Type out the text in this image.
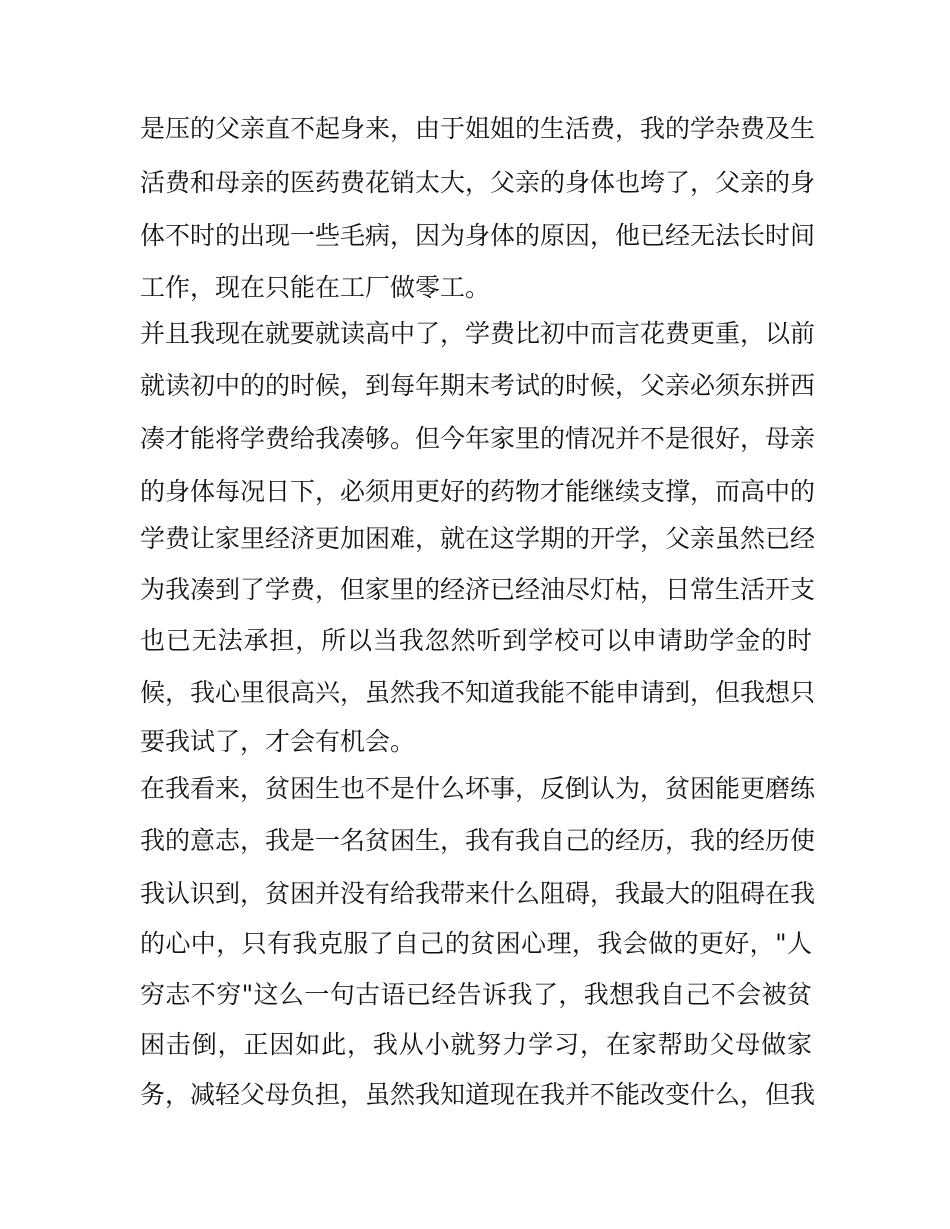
是压的父亲直不起身来，由于姐姐的生活费，我的学杂费及生
活费和母亲的医药费花销太大，父亲的身体也垮了，父亲的身
体不时的出现一些毛病，因为身体的原因，他已经无法长时间
工作，现在只能在工厂做零工。
并且我现在就要就读高中了，学费比初中而言花费更重，以前
就读初中的的时候，到每年期末考试的时候，父亲必须东拼西
凑才能将学费给我凑够。但今年家里的情况并不是很好，母亲
的身体每况日下，必须用更好的药物才能继续支撑，而高中的
学费让家里经济更加困难，就在这学期的开学，父亲虽然已经
为我凑到了学费，但家里的经济已经油尽灯枯，日常生活开支
也已无法承担，所以当我忽然听到学校可以申请助学金的时
候，我心里很高兴，虽然我不知道我能不能申请到，但我想只
要我试了，才会有机会。
在我看来，贫困生也不是什么坏事，反倒认为，贫困能更磨练
我的意志，我是一名贫困生，我有我自己的经历，我的经历使
我认识到，贫困并没有给我带来什么阻碍，我最大的阻碍在我
的心中，只有我克服了自己的贫困心理，我会做的更好，"人
穷志不穷"这么一句古语已经告诉我了，我想我自己不会被贫
困击倒，正因如此，我从小就努力学习，在家帮助父母做家
务，减轻父母负担，虽然我知道现在我并不能改变什么，但我
